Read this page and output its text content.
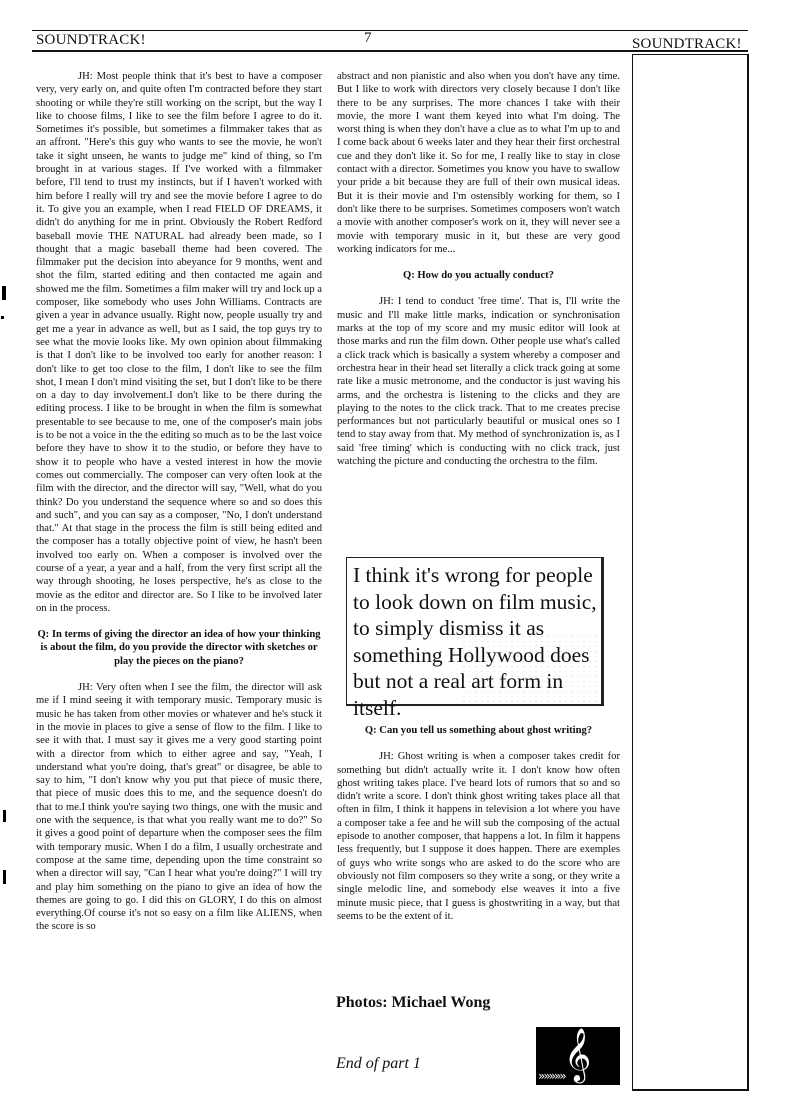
SOUNDTRACK!	7	SOUNDTRACK!

JH: Most people think that it's best to have a composer very, very early on, and quite often I'm contracted before they start shooting or while they're still working on the script, but the way I like to choose films, I like to see the film before I agree to do it. Sometimes it's possible, but sometimes a filmmaker takes that as an affront. "Here's this guy who wants to see the movie, he won't take it sight unseen, he wants to judge me" kind of thing, so I'm brought in at various stages. If I've worked with a filmmaker before, I'll tend to trust my instincts, but if I haven't worked with him before I really will try and see the movie before I agree to do it. To give you an example, when I read FIELD OF DREAMS, it didn't do anything for me in print. Obviously the Robert Redford baseball movie THE NATURAL had already been made, so I thought that a magic baseball theme had been covered. The filmmaker put the decision into abeyance for 9 months, went and shot the film, started editing and then contacted me again and showed me the film. Sometimes a film maker will try and lock up a composer, like somebody who uses John Williams. Contracts are given a year in advance usually. Right now, people usually try and get me a year in advance as well, but as I said, the top guys try to see what the movie looks like. My own opinion about filmmaking is that I don't like to be involved too early for another reason: I don't like to get too close to the film, I don't like to see the film shot, I mean I don't mind visiting the set, but I don't like to be there on a day to day involvement.I don't like to be there during the editing process. I like to be brought in when the film is somewhat presentable to see because to me, one of the composer's main jobs is to be not a voice in the the editing so much as to be the last voice before they have to show it to the studio, or before they have to show it to people who have a vested interest in how the movie comes out commercially. The composer can very often look at the film with the director, and the director will say, "Well, what do you think? Do you understand the sequence where so and so does this and such", and you can say as a composer, "No, I don't understand that." At that stage in the process the film is still being edited and the composer has a totally objective point of view, he hasn't been involved too early on. When a composer is involved over the course of a year, a year and a half, from the very first script all the way through shooting, he loses perspective, he's as close to the movie as the editor and director are. So I like to be involved later on in the process.

Q: In terms of giving the director an idea of how your thinking is about the film, do you provide the director with sketches or play the pieces on the piano?

JH: Very often when I see the film, the director will ask me if I mind seeing it with temporary music. Temporary music is music he has taken from other movies or whatever and he's stuck it in the movie in places to give a sense of flow to the film. I like to see it with that. I must say it gives me a very good starting point with a director from which to either agree and say, "Yeah, I understand what you're doing, that's great" or disagree, be able to say to him, "I don't know why you put that piece of music there, that piece of music does this to me, and the sequence doesn't do that to me.I think you're saying two things, one with the music and one with the sequence, is that what you really want me to do?" So it gives a good point of departure when the composer sees the film with temporary music. When I do a film, I usually orchestrate and compose at the same time, depending upon the time constraint so when a director will say, "Can I hear what you're doing?" I will try and play him something on the piano to give an idea of how the themes are going to go. I did this on GLORY, I do this on almost everything.Of course it's not so easy on a film like ALIENS, when the score is so

abstract and non pianistic and also when you don't have any time. But I like to work with directors very closely because I don't like there to be any surprises. The more chances I take with their movie, the more I want them keyed into what I'm doing. The worst thing is when they don't have a clue as to what I'm up to and I come back about 6 weeks later and they hear their first orchestral cue and they don't like it. So for me, I really like to stay in close contact with a director. Sometimes you know you have to swallow your pride a bit because they are full of their own musical ideas. But it is their movie and I'm ostensibly working for them, so I don't like there to be surprises. Sometimes composers won't watch a movie with another composer's work on it, they will never see a movie with temporary music in it, but these are very good working indicators for me...

Q: How do you actually conduct?

JH: I tend to conduct 'free time'. That is, I'll write the music and I'll make little marks, indication or synchronisation marks at the top of my score and my music editor will look at those marks and run the film down. Other people use what's called a click track which is basically a system whereby a composer and orchestra hear in their head set literally a click track going at some rate like a music metronome, and the conductor is just waving his arms, and the orchestra is listening to the clicks and they are playing to the notes to the click track. That to me creates precise performances but not particularly beautiful or musical ones so I tend to stay away from that. My method of synchronization is, as I said 'free timing' which is conducting with no click track, just watching the picture and conducting the orchestra to the film.

I think it's wrong for people to look down on film music, to simply dismiss it as something Hollywood does but not a real art form in itself.

Q: Can you tell us something about ghost writing?

JH: Ghost writing is when a composer takes credit for something but didn't actually write it. I don't know how often ghost writing takes place. I've heard lots of rumors that so and so didn't write a score. I don't think ghost writing takes place all that often in film, I think it happens in television a lot where you have a composer take a fee and he will sub the composing of the actual episode to another composer, that happens a lot. In film it happens less frequently, but I suppose it does happen. There are exemples of guys who write songs who are asked to do the score who are obviously not film composers so they write a song, or they write a single melodic line, and somebody else weaves it into a five minute music piece, that I guess is ghostwriting in a way, but that seems to be the extent of it.

Photos: Michael Wong
End of part 1	𝄞
»»»»»
